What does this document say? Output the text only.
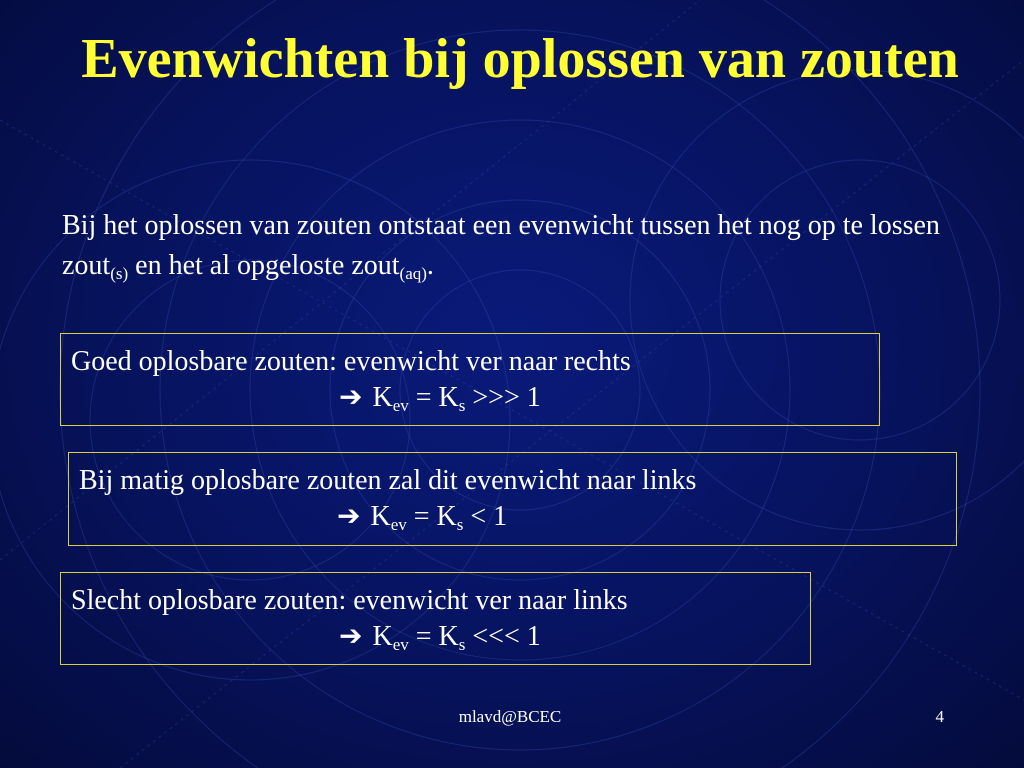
Evenwichten bij oplossen van zouten
Bij het oplossen van zouten ontstaat een evenwicht tussen het nog op te lossen zout$_{(s)}$ en het al opgeloste zout$_{(aq)}$.
Goed oplosbare zouten: evenwicht ver naar rechts
➔ $K_{ev} = K_s$ >>> 1
Bij matig oplosbare zouten zal dit evenwicht naar links
➔ $K_{ev} = K_s < 1$
Slecht oplosbare zouten: evenwicht ver naar links
➔ $K_{ev} = K_s$ <<< 1
mlavd@BCEC	4
